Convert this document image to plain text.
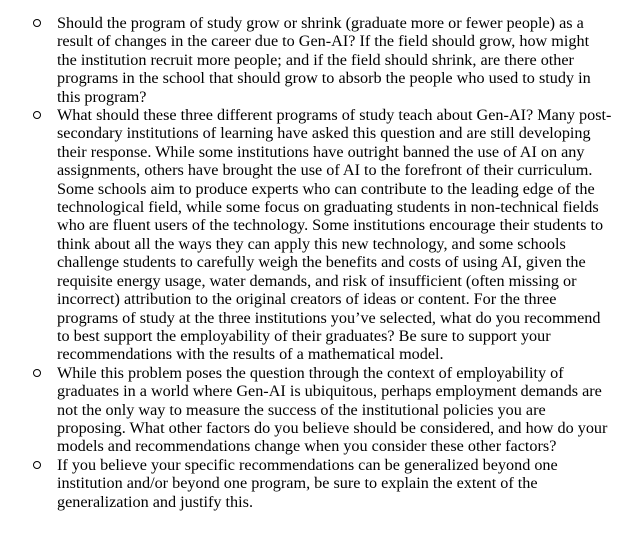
Should the program of study grow or shrink (graduate more or fewer people) as a result of changes in the career due to Gen-AI? If the field should grow, how might the institution recruit more people; and if the field should shrink, are there other programs in the school that should grow to absorb the people who used to study in this program?
What should these three different programs of study teach about Gen-AI? Many post-secondary institutions of learning have asked this question and are still developing their response. While some institutions have outright banned the use of AI on any assignments, others have brought the use of AI to the forefront of their curriculum. Some schools aim to produce experts who can contribute to the leading edge of the technological field, while some focus on graduating students in non-technical fields who are fluent users of the technology. Some institutions encourage their students to think about all the ways they can apply this new technology, and some schools challenge students to carefully weigh the benefits and costs of using AI, given the requisite energy usage, water demands, and risk of insufficient (often missing or incorrect) attribution to the original creators of ideas or content. For the three programs of study at the three institutions you’ve selected, what do you recommend to best support the employability of their graduates? Be sure to support your recommendations with the results of a mathematical model.
While this problem poses the question through the context of employability of graduates in a world where Gen-AI is ubiquitous, perhaps employment demands are not the only way to measure the success of the institutional policies you are proposing. What other factors do you believe should be considered, and how do your models and recommendations change when you consider these other factors?
If you believe your specific recommendations can be generalized beyond one institution and/or beyond one program, be sure to explain the extent of the generalization and justify this.
